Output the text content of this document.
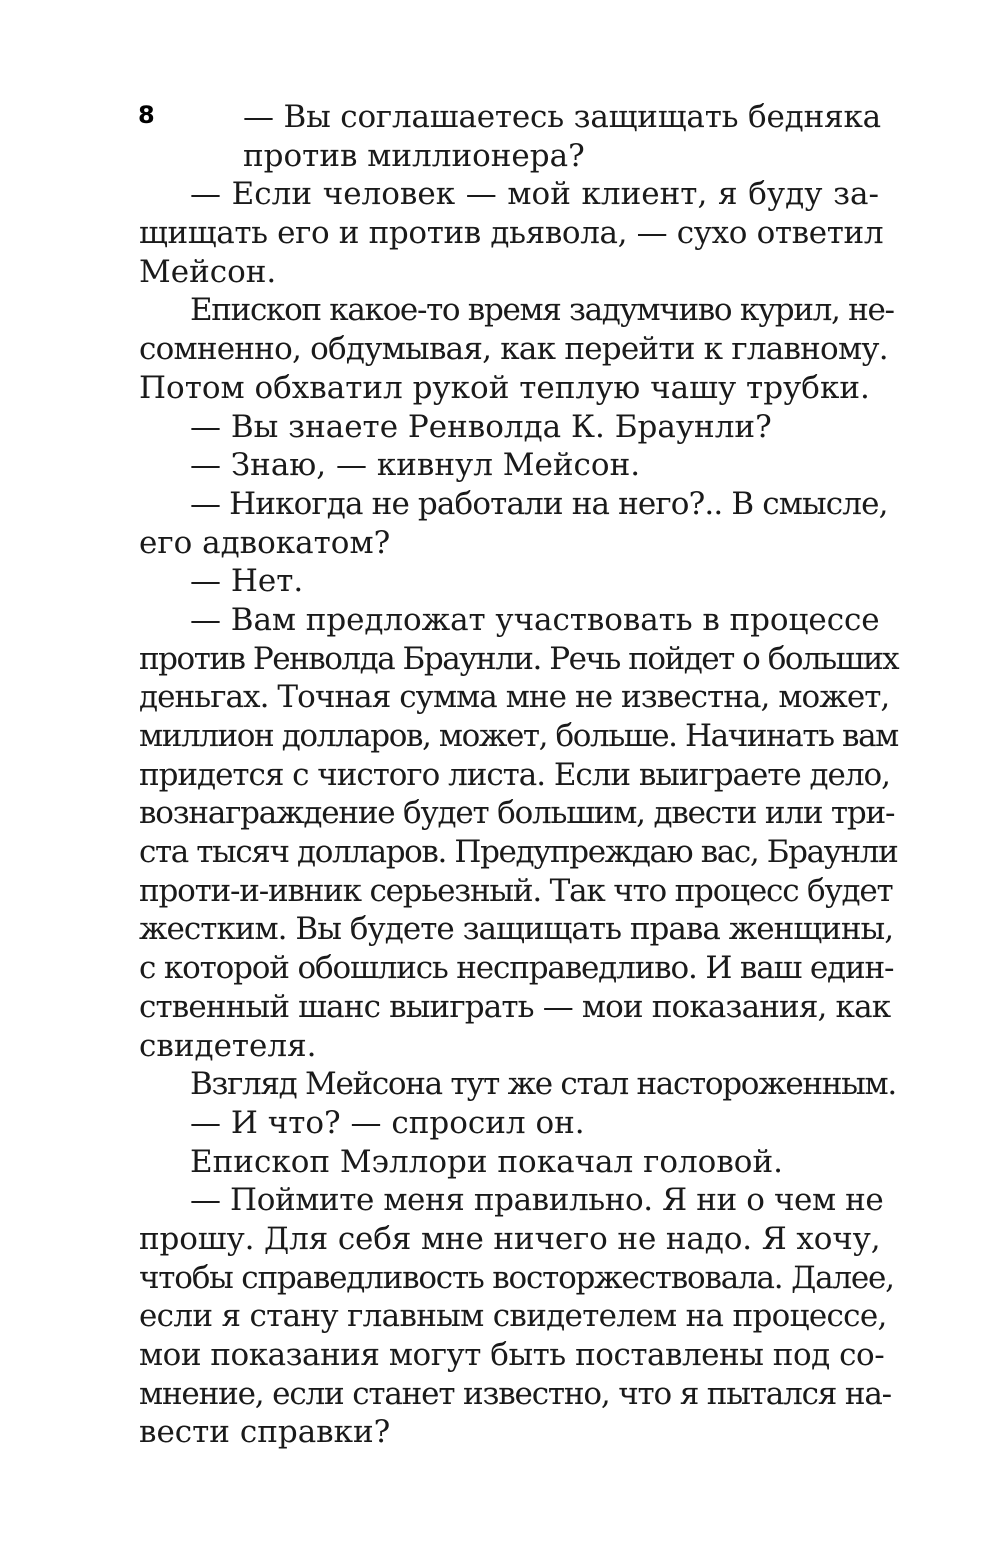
8	— Вы соглашаетесь защищать бедняка
против миллионера?
— Если человек — мой клиент, я буду за-
щищать его и против дьявола, — сухо ответил
Мейсон.
Епископ какое-то время задумчиво курил, не-
сомненно, обдумывая, как перейти к главному.
Потом обхватил рукой теплую чашу трубки.
— Вы знаете Ренволда К. Браунли?
— Знаю, — кивнул Мейсон.
— Никогда не работали на него?.. В смысле,
его адвокатом?
— Нет.
— Вам предложат участвовать в процессе
против Ренволда Браунли. Речь пойдет о больших
деньгах. Точная сумма мне не известна, может,
миллион долларов, может, больше. Начинать вам
придется с чистого листа. Если выиграете дело,
вознаграждение будет большим, двести или три-
ста тысяч долларов. Предупреждаю вас, Браунли
проти-и-ивник серьезный. Так что процесс будет
жестким. Вы будете защищать права женщины,
с которой обошлись несправедливо. И ваш един-
ственный шанс выиграть — мои показания, как
свидетеля.
Взгляд Мейсона тут же стал настороженным.
— И что? — спросил он.
Епископ Мэллори покачал головой.
— Поймите меня правильно. Я ни о чем не
прошу. Для себя мне ничего не надо. Я хочу,
чтобы справедливость восторжествовала. Далее,
если я стану главным свидетелем на процессе,
мои показания могут быть поставлены под со-
мнение, если станет известно, что я пытался на-
вести справки?
